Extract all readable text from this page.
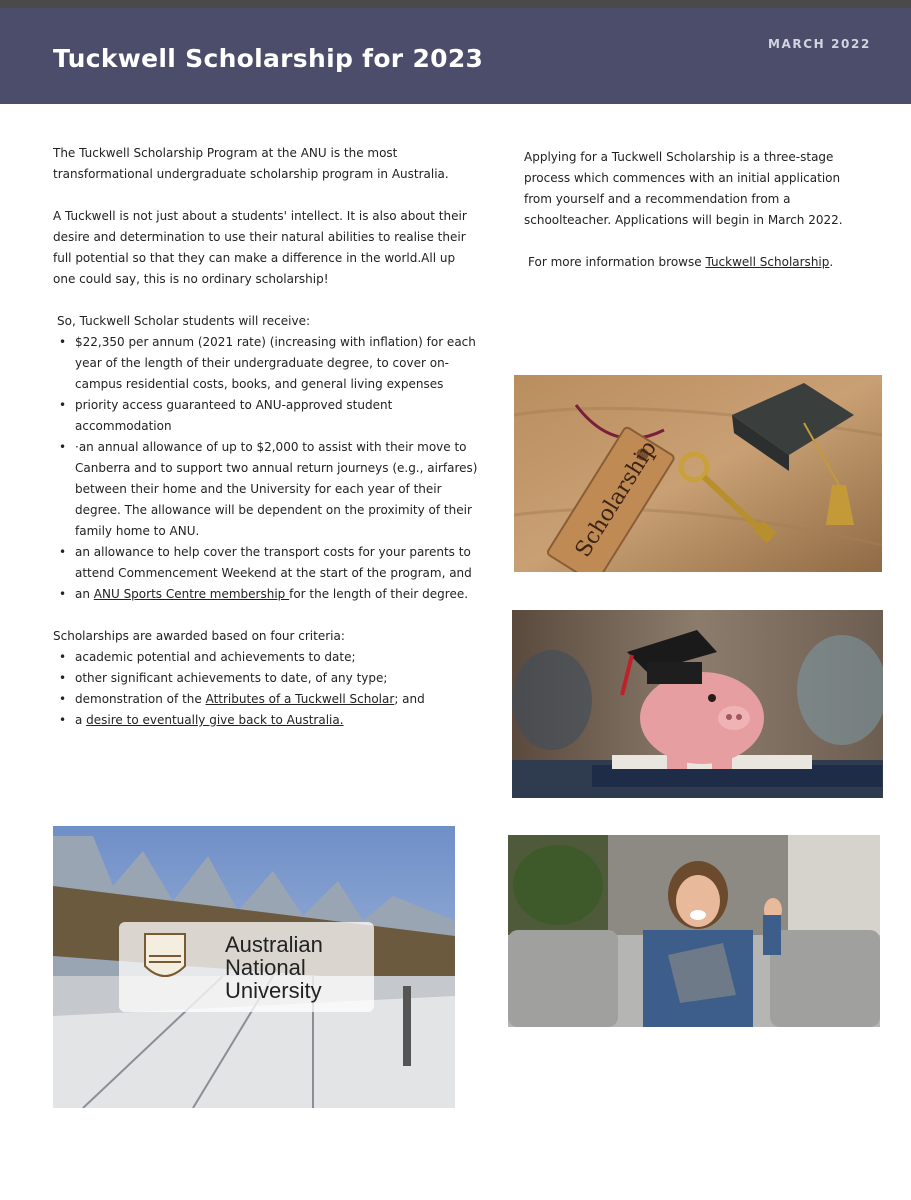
Tuckwell Scholarship for 2023	MARCH 2022

The Tuckwell Scholarship Program at the ANU is the most transformational undergraduate scholarship program in Australia.

A Tuckwell is not just about a students' intellect. It is also about their desire and determination to use their natural abilities to realise their full potential so that they can make a difference in the world.All up one could say, this is no ordinary scholarship!

So, Tuckwell Scholar students will receive:

• $22,350 per annum (2021 rate) (increasing with inflation) for each year of the length of their undergraduate degree, to cover on-campus residential costs, books, and general living expenses
• priority access guaranteed to ANU-approved student accommodation
• ·an annual allowance of up to $2,000 to assist with their move to Canberra and to support two annual return journeys (e.g., airfares) between their home and the University for each year of their degree. The allowance will be dependent on the proximity of their family home to ANU.
• an allowance to help cover the transport costs for your parents to attend Commencement Weekend at the start of the program, and
• an ANU Sports Centre membership for the length of their degree.

Scholarships are awarded based on four criteria:

• academic potential and achievements to date;
• other significant achievements to date, of any type;
• demonstration of the Attributes of a Tuckwell Scholar; and
• a desire to eventually give back to Australia.

Applying for a Tuckwell Scholarship is a three-stage process which commences with an initial application from yourself and a recommendation from a schoolteacher. Applications will begin in March 2022.

For more information browse Tuckwell Scholarship.

Scholarship
Australian
National
University
